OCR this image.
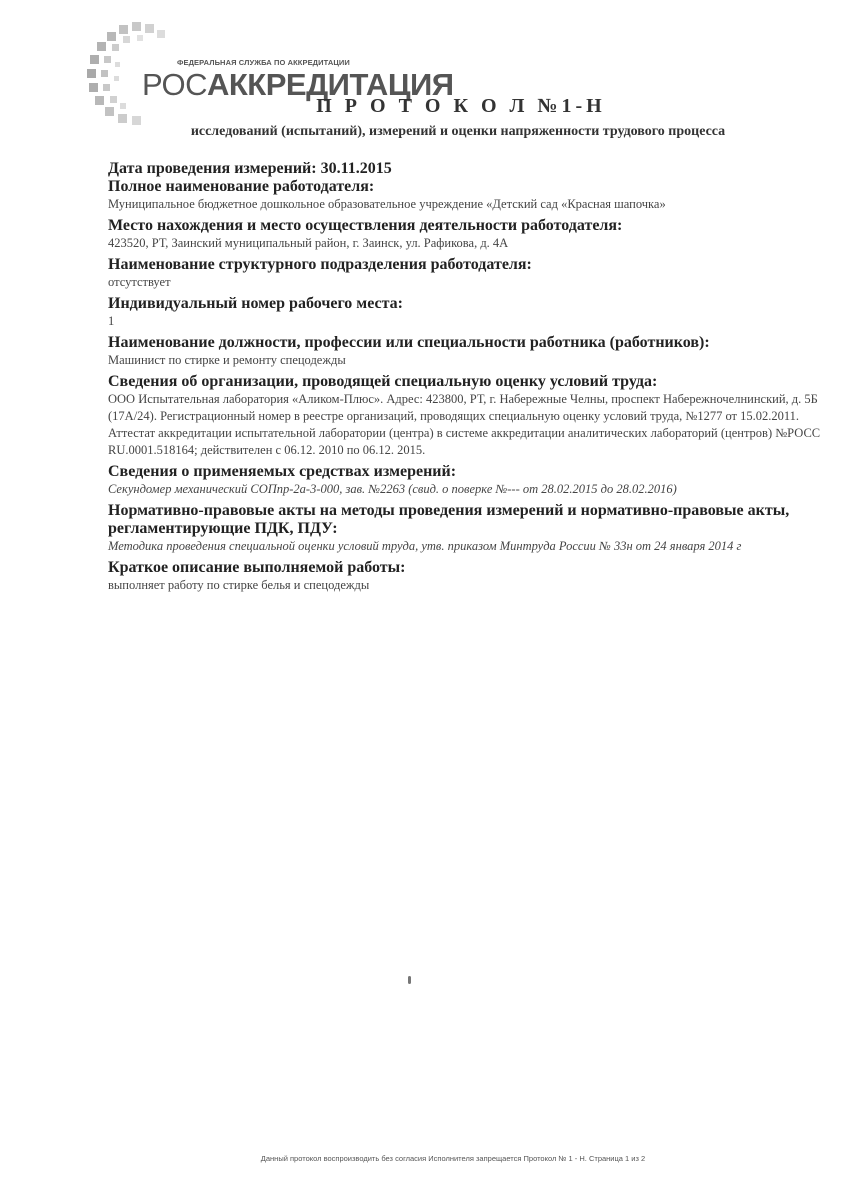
ФЕДЕРАЛЬНАЯ СЛУЖБА ПО АККРЕДИТАЦИИ
РОСАККРЕДИТАЦИЯ
П Р О Т О К О Л №1-Н
исследований (испытаний), измерений и оценки напряженности трудового процесса

Дата проведения измерений: 30.11.2015

Полное наименование работодателя:

Муниципальное бюджетное дошкольное образовательное учреждение «Детский сад «Красная шапочка»

Место нахождения и место осуществления деятельности работодателя:

423520, РТ, Заинский муниципальный район, г. Заинск, ул. Рафикова, д. 4А

Наименование структурного подразделения работодателя:

отсутствует

Индивидуальный номер рабочего места:

1

Наименование должности, профессии или специальности работника (работников):

Машинист по стирке и ремонту спецодежды

Сведения об организации, проводящей специальную оценку условий труда:

ООО Испытательная лаборатория «Аликом-Плюс». Адрес: 423800, РТ, г. Набережные Челны, проспект Набережночелнинский, д. 5Б (17А/24). Регистрационный номер в реестре организаций, проводящих специальную оценку условий труда, №1277 от 15.02.2011. Аттестат аккредитации испытательной лаборатории (центра) в системе аккредитации аналитических лабораторий (центров) №РОСС RU.0001.518164; действителен с 06.12. 2010 по 06.12. 2015.

Сведения о применяемых средствах измерений:

Секундомер механический СОПпр-2а-3-000, зав. №2263 (свид. о поверке №--- от 28.02.2015 до 28.02.2016)

Нормативно-правовые акты на методы проведения измерений и нормативно-правовые акты, регламентирующие ПДК, ПДУ:

Методика проведения специальной оценки условий труда, утв. приказом Минтруда России № 33н от 24 января 2014 г

Краткое описание выполняемой работы:

выполняет работу по стирке белья и спецодежды

Данный протокол воспроизводить без согласия Исполнителя запрещается Протокол № 1 - Н. Страница 1 из 2
